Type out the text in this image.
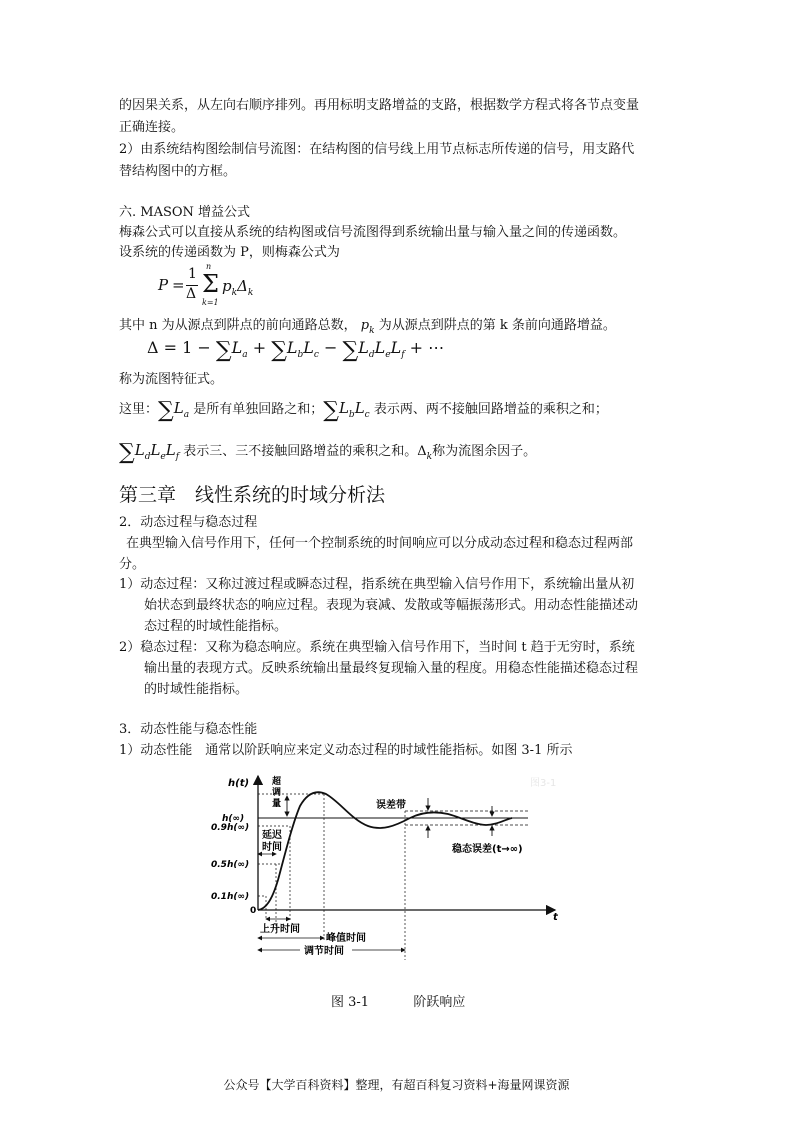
的因果关系，从左向右顺序排列。再用标明支路增益的支路，根据数学方程式将各节点变量
正确连接。
2）由系统结构图绘制信号流图：在结构图的信号线上用节点标志所传递的信号，用支路代
替结构图中的方框。
六. MASON 增益公式
梅森公式可以直接从系统的结构图或信号流图得到系统输出量与输入量之间的传递函数。
设系统的传递函数为 P，则梅森公式为
P =
1
Δ Σ
n
k=1
$p_k\Delta_k$
其中 n 为从源点到阱点的前向通路总数， $p_k$ 为从源点到阱点的第 k 条前向通路增益。
$\Delta = 1 - \sum L_a + \sum L_bL_c - \sum L_dL_eL_f$ + ⋯
称为流图特征式。
这里：$\sum L_a$ 是所有单独回路之和；$\sum L_bL_c$ 表示两、两不接触回路增益的乘积之和；
$\sum L_dL_eL_f$ 表示三、三不接触回路增益的乘积之和。$\Delta_k$称为流图余因子。
第三章　线性系统的时域分析法
2．动态过程与稳态过程
在典型输入信号作用下，任何一个控制系统的时间响应可以分成动态过程和稳态过程两部
分。
1）动态过程：又称过渡过程或瞬态过程，指系统在典型输入信号作用下，系统输出量从初
始状态到最终状态的响应过程。表现为衰减、发散或等幅振荡形式。用动态性能描述动
态过程的时域性能指标。
2）稳态过程：又称为稳态响应。系统在典型输入信号作用下，当时间 t 趋于无穷时，系统
输出量的表现方式。反映系统输出量最终复现输入量的程度。用稳态性能描述稳态过程
的时域性能指标。
3．动态性能与稳态性能
1）动态性能　通常以阶跃响应来定义动态过程的时域性能指标。如图 3-1 所示
图3-1
h(t)
t
0
h(∞)
0.9h(∞)
0.5h(∞)
0.1h(∞)
超调量	误差带
稳态误差(t→∞)
延迟
时间
上升时间
峰值时间
调节时间
图 3-1	阶跃响应
公众号【大学百科资料】整理，有超百科复习资料+海量网课资源
